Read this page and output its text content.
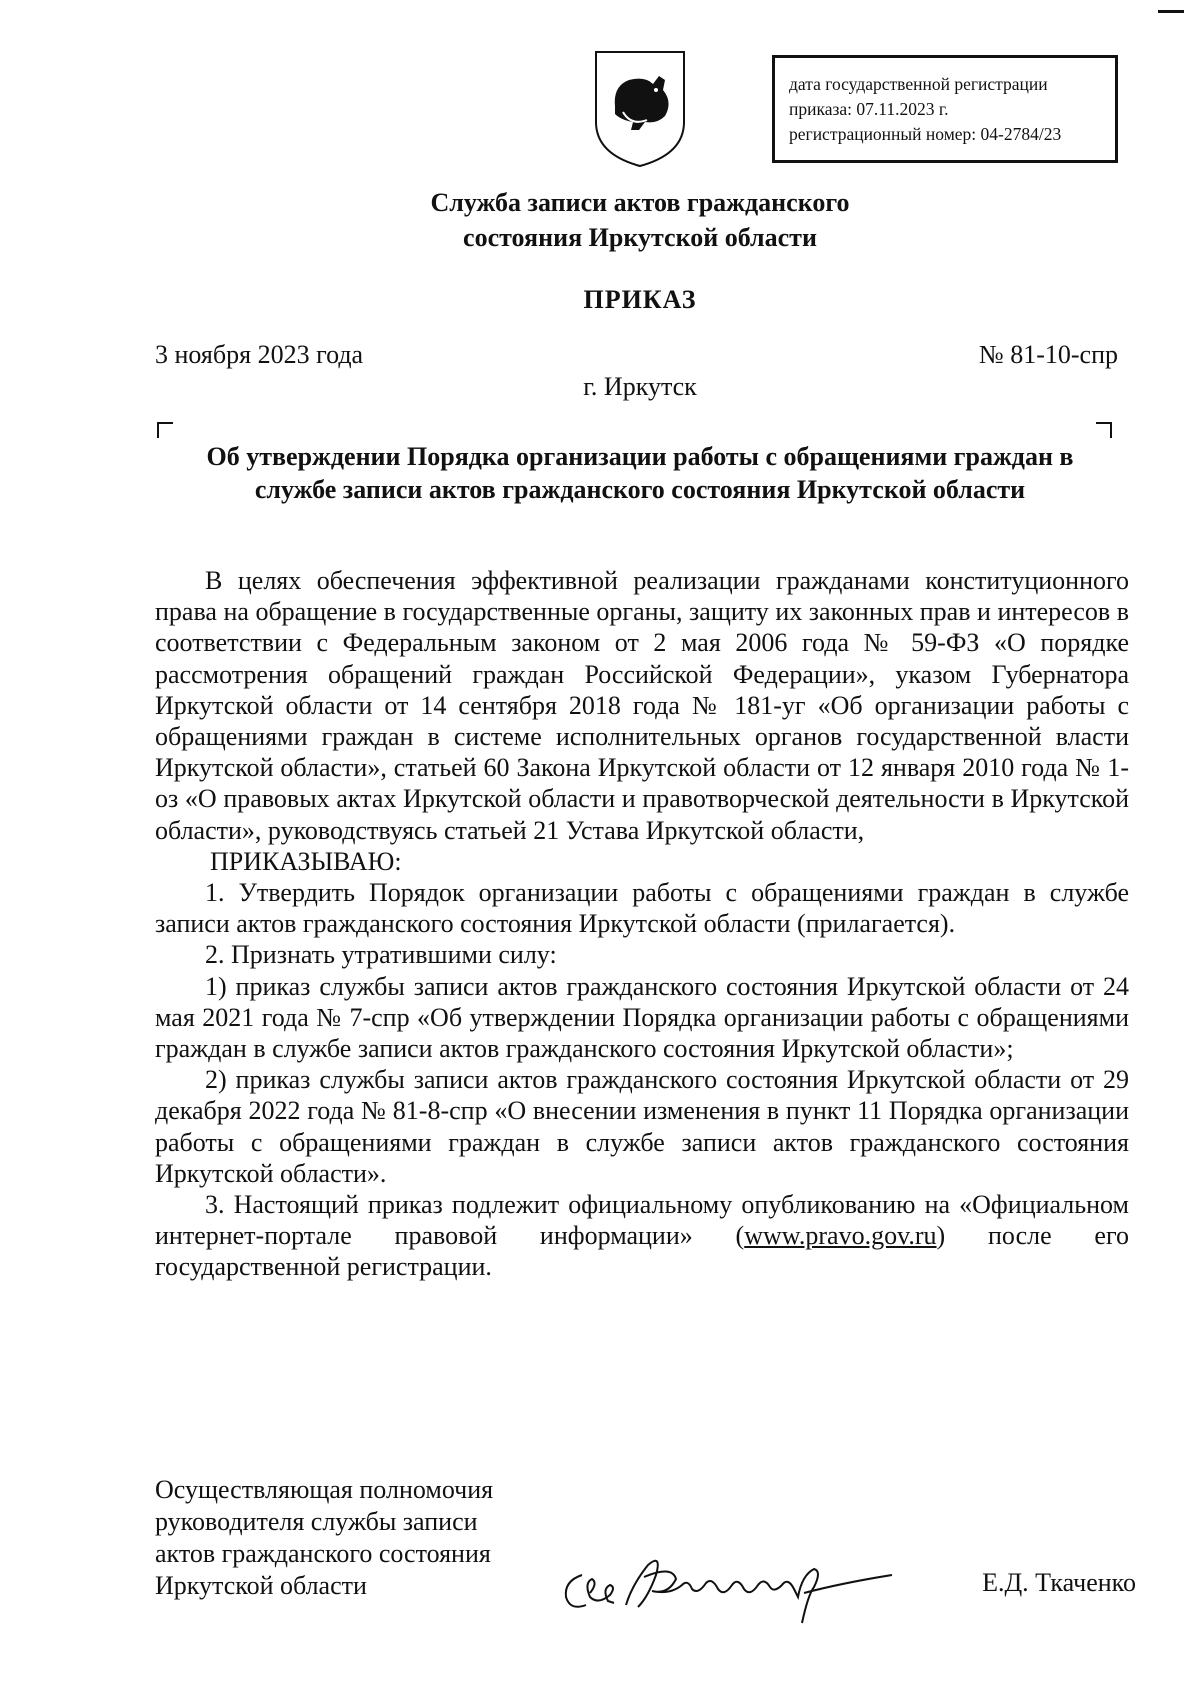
дата государственной регистрации
приказа: 07.11.2023 г.
регистрационный номер: 04-2784/23
Служба записи актов гражданского
состояния Иркутской области
ПРИКАЗ
3 ноября 2023 года	№ 81-10-спр
г. Иркутск
Об утверждении Порядка организации работы с обращениями граждан в
службе записи актов гражданского состояния Иркутской области

В целях обеспечения эффективной реализации гражданами конституционного права на обращение в государственные органы, защиту их законных прав и интересов в соответствии с Федеральным законом от 2 мая 2006 года № 59-ФЗ «О порядке рассмотрения обращений граждан Российской Федерации», указом Губернатора Иркутской области от 14 сентября 2018 года № 181-уг «Об организации работы с обращениями граждан в системе исполнительных органов государственной власти Иркутской области», статьей 60 Закона Иркутской области от 12 января 2010 года № 1-оз «О правовых актах Иркутской области и правотворческой деятельности в Иркутской области», руководствуясь статьей 21 Устава Иркутской области,

ПРИКАЗЫВАЮ:

1. Утвердить Порядок организации работы с обращениями граждан в службе записи актов гражданского состояния Иркутской области (прилагается).

2. Признать утратившими силу:

1) приказ службы записи актов гражданского состояния Иркутской области от 24 мая 2021 года № 7-спр «Об утверждении Порядка организации работы с обращениями граждан в службе записи актов гражданского состояния Иркутской области»;

2) приказ службы записи актов гражданского состояния Иркутской области от 29 декабря 2022 года № 81-8-спр «О внесении изменения в пункт 11 Порядка организации работы с обращениями граждан в службе записи актов гражданского состояния Иркутской области».

3. Настоящий приказ подлежит официальному опубликованию на «Официальном интернет-портале правовой информации» (www.pravo.gov.ru) после его государственной регистрации.

Осуществляющая полномочия
руководителя службы записи
актов гражданского состояния
Иркутской области	Е.Д. Ткаченко
